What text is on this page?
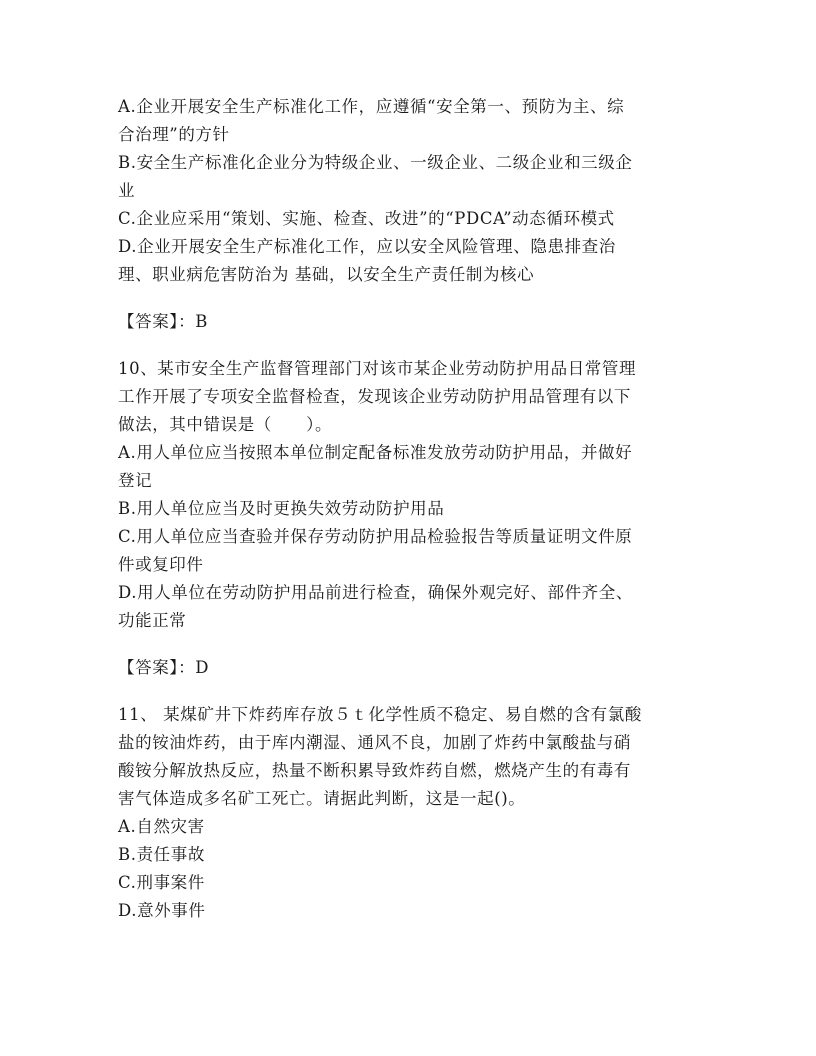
A.企业开展安全生产标准化工作，应遵循“安全第一、预防为主、综
合治理”的方针
B.安全生产标准化企业分为特级企业、一级企业、二级企业和三级企
业
C.企业应采用“策划、实施、检查、改进”的“PDCA”动态循环模式
D.企业开展安全生产标准化工作，应以安全风险管理、隐患排查治
理、职业病危害防治为 基础，以安全生产责任制为核心
【答案】：B
10、某市安全生产监督管理部门对该市某企业劳动防护用品日常管理
工作开展了专项安全监督检查，发现该企业劳动防护用品管理有以下
做法，其中错误是（　　）。
A.用人单位应当按照本单位制定配备标准发放劳动防护用品，并做好
登记
B.用人单位应当及时更换失效劳动防护用品
C.用人单位应当查验并保存劳动防护用品检验报告等质量证明文件原
件或复印件
D.用人单位在劳动防护用品前进行检查，确保外观完好、部件齐全、
功能正常
【答案】：D
11、 某煤矿井下炸药库存放５ｔ化学性质不稳定、易自燃的含有氯酸
盐的铵油炸药，由于库内潮湿、通风不良，加剧了炸药中氯酸盐与硝
酸铵分解放热反应，热量不断积累导致炸药自燃，燃烧产生的有毒有
害气体造成多名矿工死亡。请据此判断，这是一起()。
A.自然灾害
B.责任事故
C.刑事案件
D.意外事件
